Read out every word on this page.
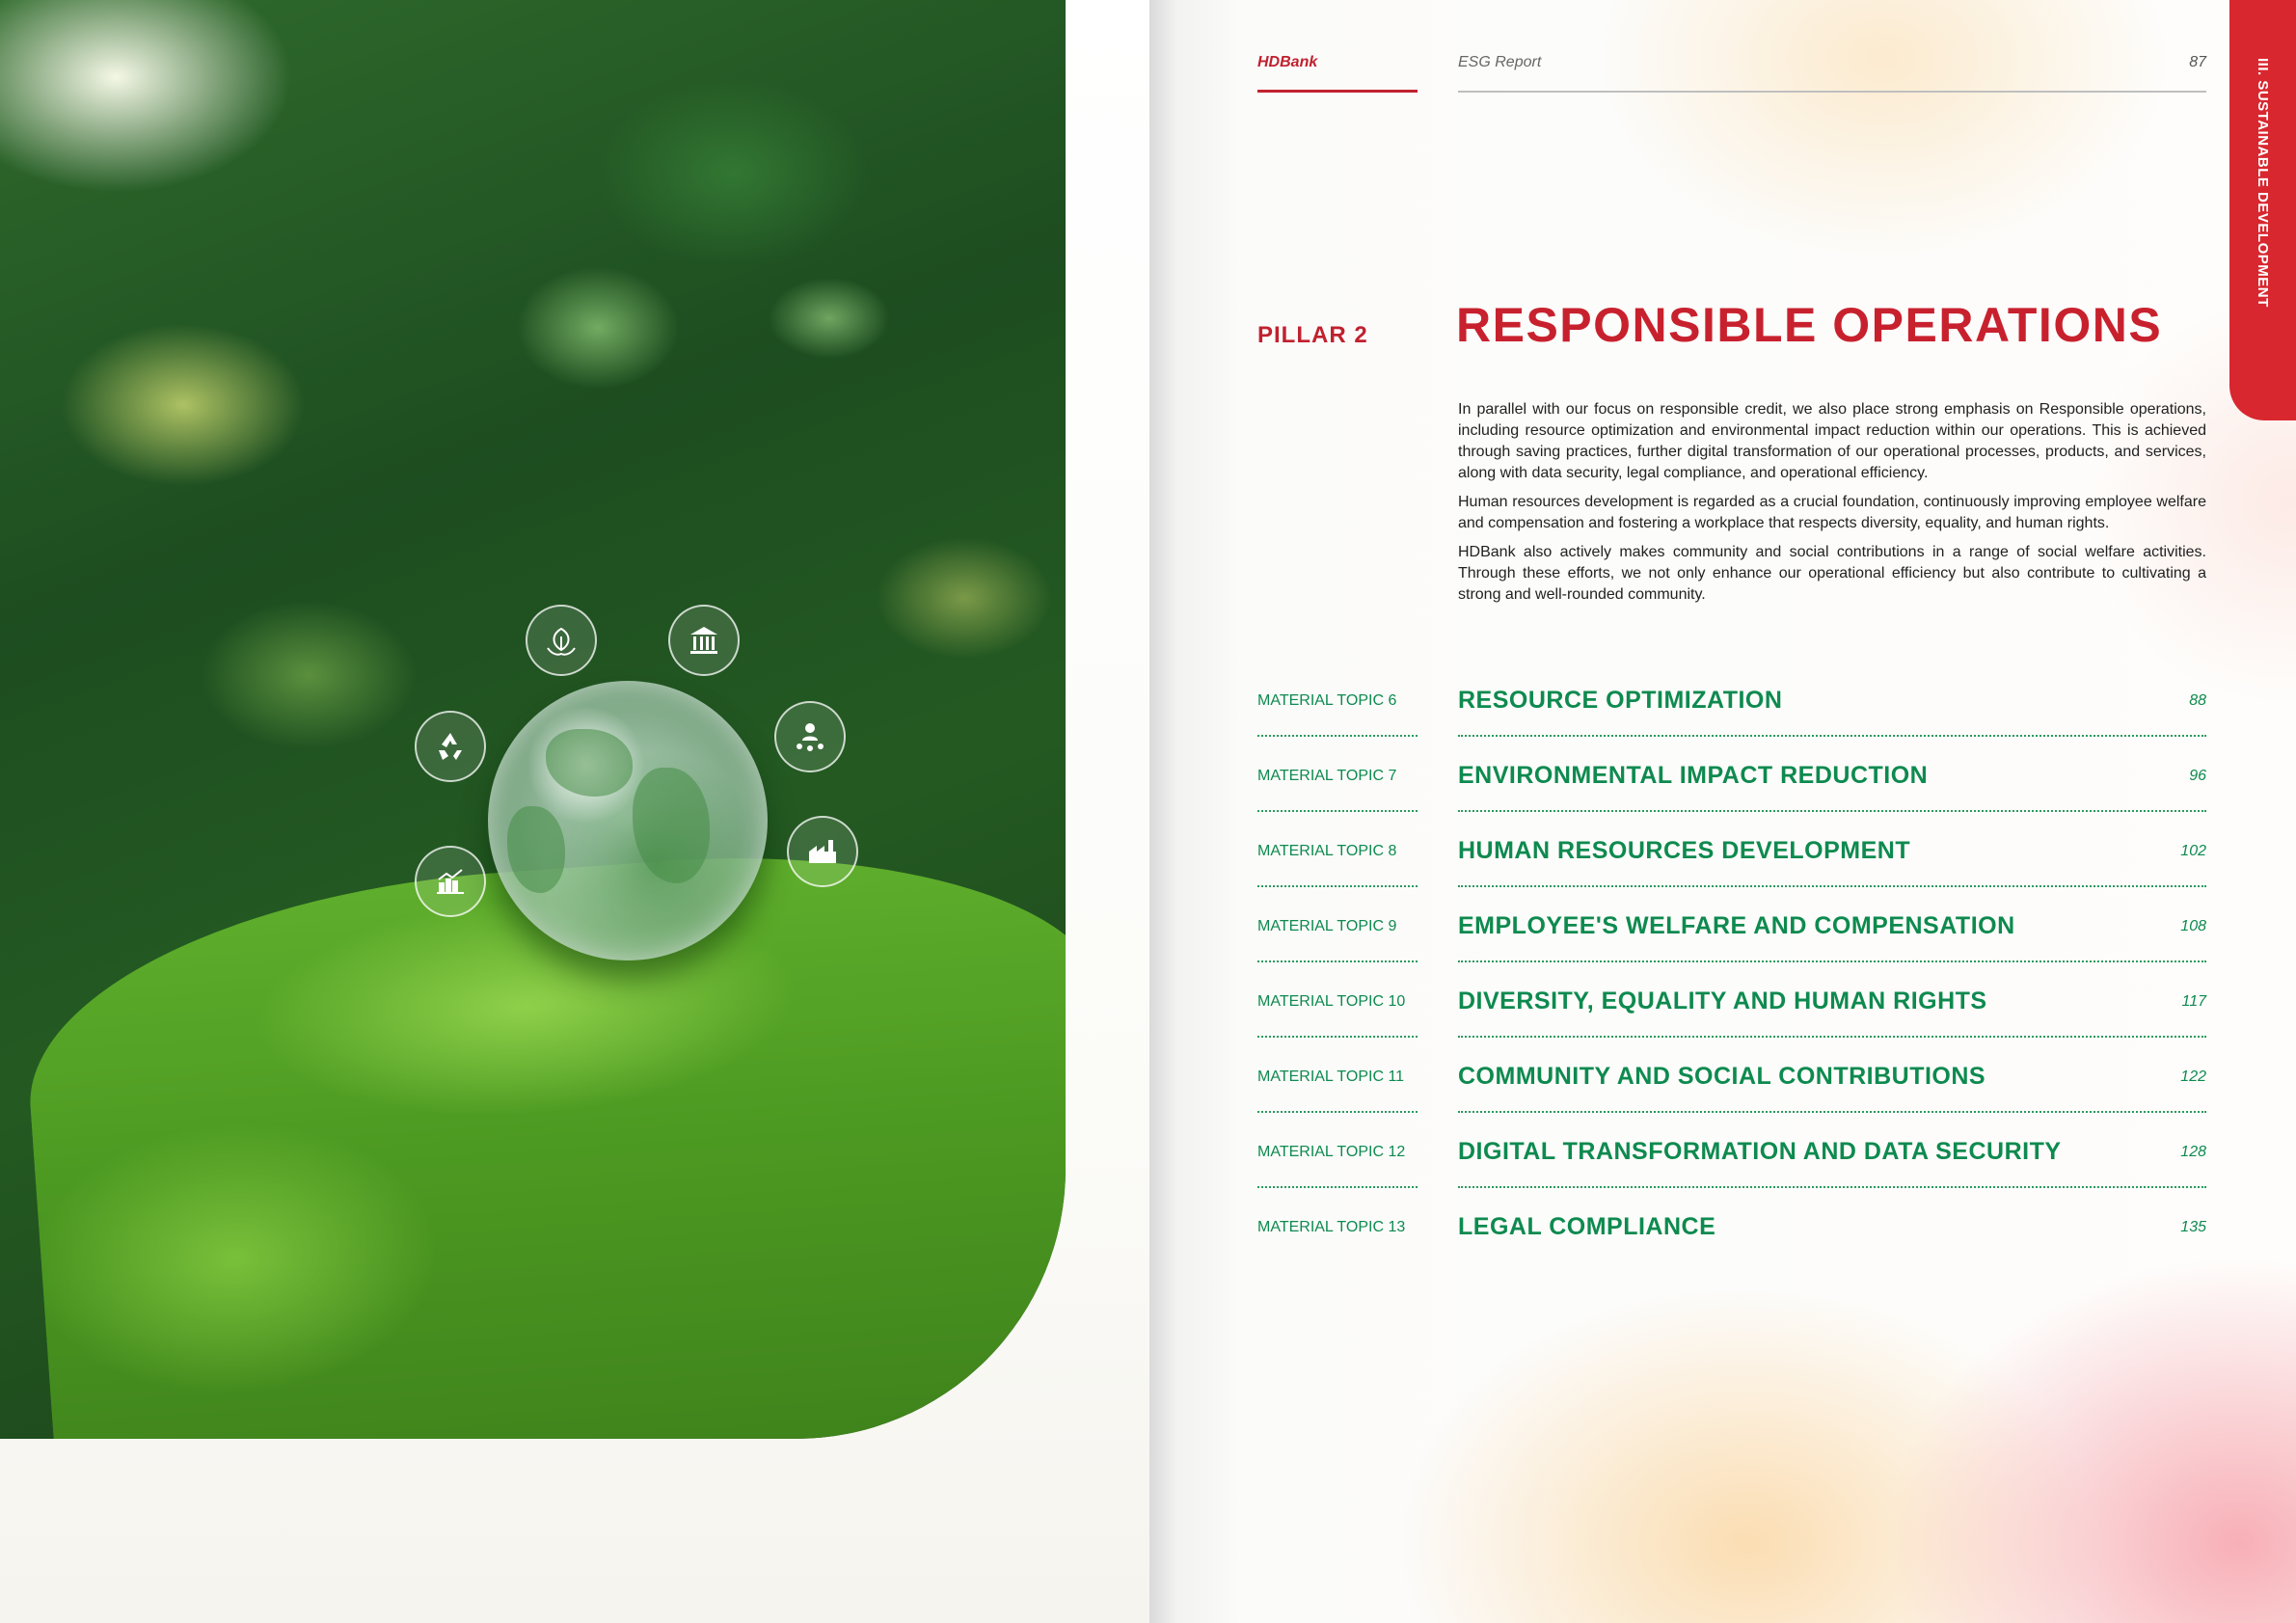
HDBank	ESG Report	87	III. SUSTAINABLE DEVELOPMENT
PILLAR 2 RESPONSIBLE OPERATIONS

In parallel with our focus on responsible credit, we also place strong emphasis on Responsible operations, including resource optimization and environmental impact reduction within our operations. This is achieved through saving practices, further digital transformation of our operational processes, products, and services, along with data security, legal compliance, and operational efficiency.

Human resources development is regarded as a crucial foundation, continuously improving employee welfare and compensation and fostering a workplace that respects diversity, equality, and human rights.

HDBank also actively makes community and social contributions in a range of social welfare activities. Through these efforts, we not only enhance our operational efficiency but also contribute to cultivating a strong and well-rounded community.

MATERIAL TOPIC 6	RESOURCE OPTIMIZATION	88
MATERIAL TOPIC 7	ENVIRONMENTAL IMPACT REDUCTION	96
MATERIAL TOPIC 8	HUMAN RESOURCES DEVELOPMENT	102
MATERIAL TOPIC 9	EMPLOYEE'S WELFARE AND COMPENSATION	108
MATERIAL TOPIC 10 DIVERSITY, EQUALITY AND HUMAN RIGHTS	117
MATERIAL TOPIC 11 COMMUNITY AND SOCIAL CONTRIBUTIONS	122
MATERIAL TOPIC 12 DIGITAL TRANSFORMATION AND DATA SECURITY	128
MATERIAL TOPIC 13 LEGAL COMPLIANCE	135
